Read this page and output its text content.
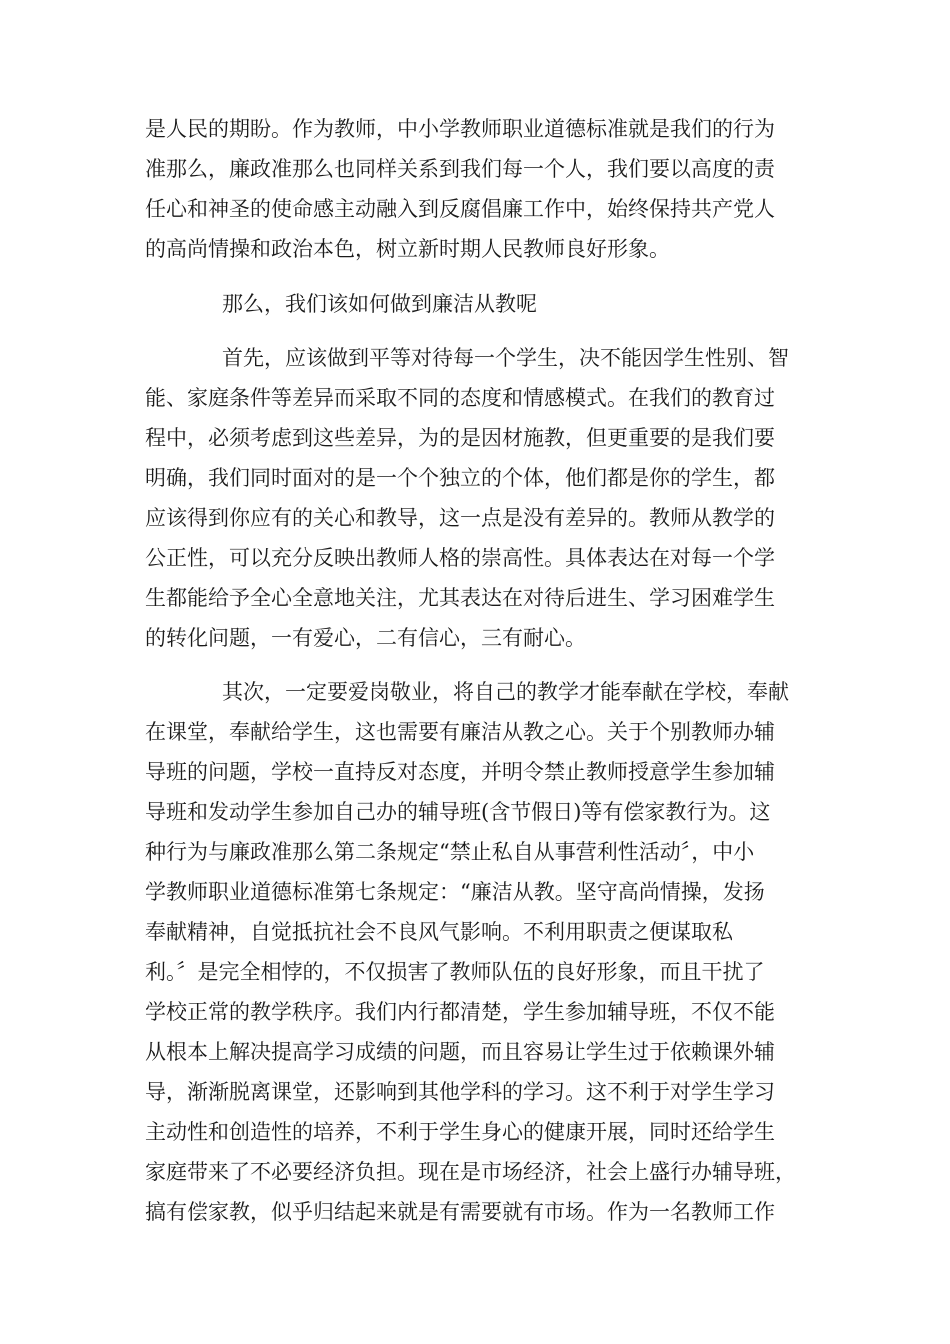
是人民的期盼。作为教师，中小学教师职业道德标准就是我们的行为

准那么，廉政准那么也同样关系到我们每一个人，我们要以高度的责

任心和神圣的使命感主动融入到反腐倡廉工作中，始终保持共产党人

的高尚情操和政治本色，树立新时期人民教师良好形象。

那么，我们该如何做到廉洁从教呢

首先，应该做到平等对待每一个学生，决不能因学生性别、智

能、家庭条件等差异而采取不同的态度和情感模式。在我们的教育过

程中，必须考虑到这些差异，为的是因材施教，但更重要的是我们要

明确，我们同时面对的是一个个独立的个体，他们都是你的学生，都

应该得到你应有的关心和教导，这一点是没有差异的。教师从教学的

公正性，可以充分反映出教师人格的崇高性。具体表达在对每一个学

生都能给予全心全意地关注，尤其表达在对待后进生、学习困难学生

的转化问题，一有爱心，二有信心，三有耐心。

其次，一定要爱岗敬业，将自己的教学才能奉献在学校，奉献

在课堂，奉献给学生，这也需要有廉洁从教之心。关于个别教师办辅

导班的问题，学校一直持反对态度，并明令禁止教师授意学生参加辅

导班和发动学生参加自己办的辅导班(含节假日)等有偿家教行为。这

种行为与廉政准那么第二条规定“禁止私自从事营利性活动〞，中小

学教师职业道德标准第七条规定：“廉洁从教。坚守高尚情操，发扬

奉献精神，自觉抵抗社会不良风气影响。不利用职责之便谋取私

利。〞是完全相悖的，不仅损害了教师队伍的良好形象，而且干扰了

学校正常的教学秩序。我们内行都清楚，学生参加辅导班，不仅不能

从根本上解决提高学习成绩的问题，而且容易让学生过于依赖课外辅

导，渐渐脱离课堂，还影响到其他学科的学习。这不利于对学生学习

主动性和创造性的培养，不利于学生身心的健康开展，同时还给学生

家庭带来了不必要经济负担。现在是市场经济，社会上盛行办辅导班，

搞有偿家教，似乎归结起来就是有需要就有市场。作为一名教师工作
